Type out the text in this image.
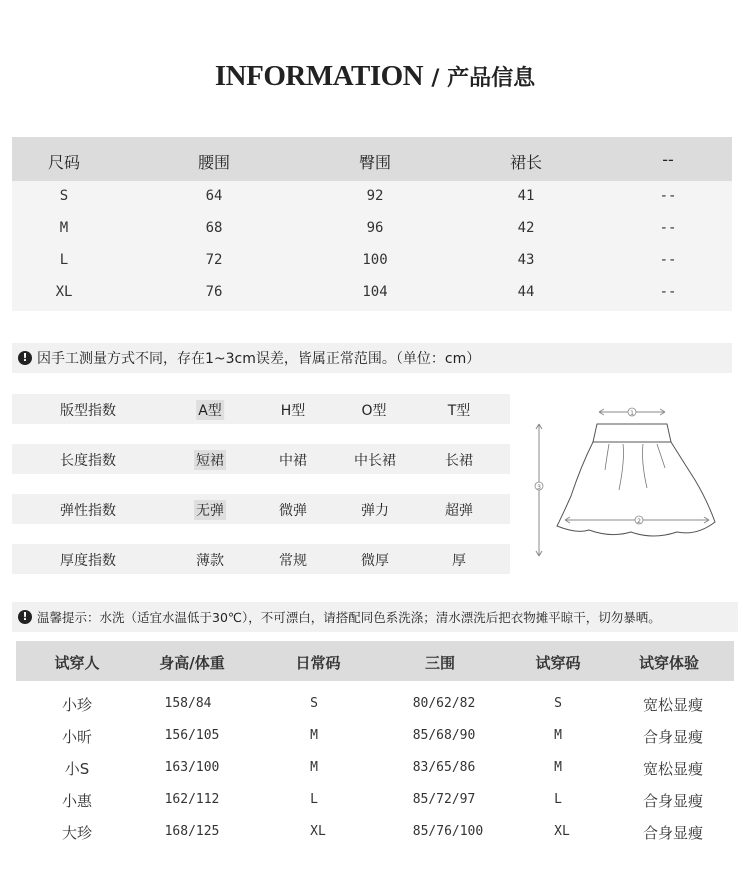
INFORMATION / 产品信息
尺码	腰围	臀围	裙长	--
S	64	92	41	--
M	68	96	42	--
L	72	100	43	--
XL	76	104	44	--
! 因手工测量方式不同，存在1~3cm误差，皆属正常范围。（单位：cm）
版型指数	A型	H型	O型	T型
长度指数	短裙	中裙	中长裙	长裙
弹性指数	无弹	微弹	弹力	超弹
厚度指数	薄款	常规	微厚	厚
1
2
3
! 温馨提示：水洗（适宜水温低于30℃），不可漂白，请搭配同色系洗涤；清水漂洗后把衣物摊平晾干，切勿暴晒。
试穿人	身高/体重	日常码	三围	试穿码	试穿体验
小珍	158/84	S	80/62/82	S	宽松显瘦
小昕	156/105	M	85/68/90	M	合身显瘦
小S	163/100	M	83/65/86	M	宽松显瘦
小惠	162/112	L	85/72/97	L	合身显瘦
大珍	168/125	XL	85/76/100	XL	合身显瘦
